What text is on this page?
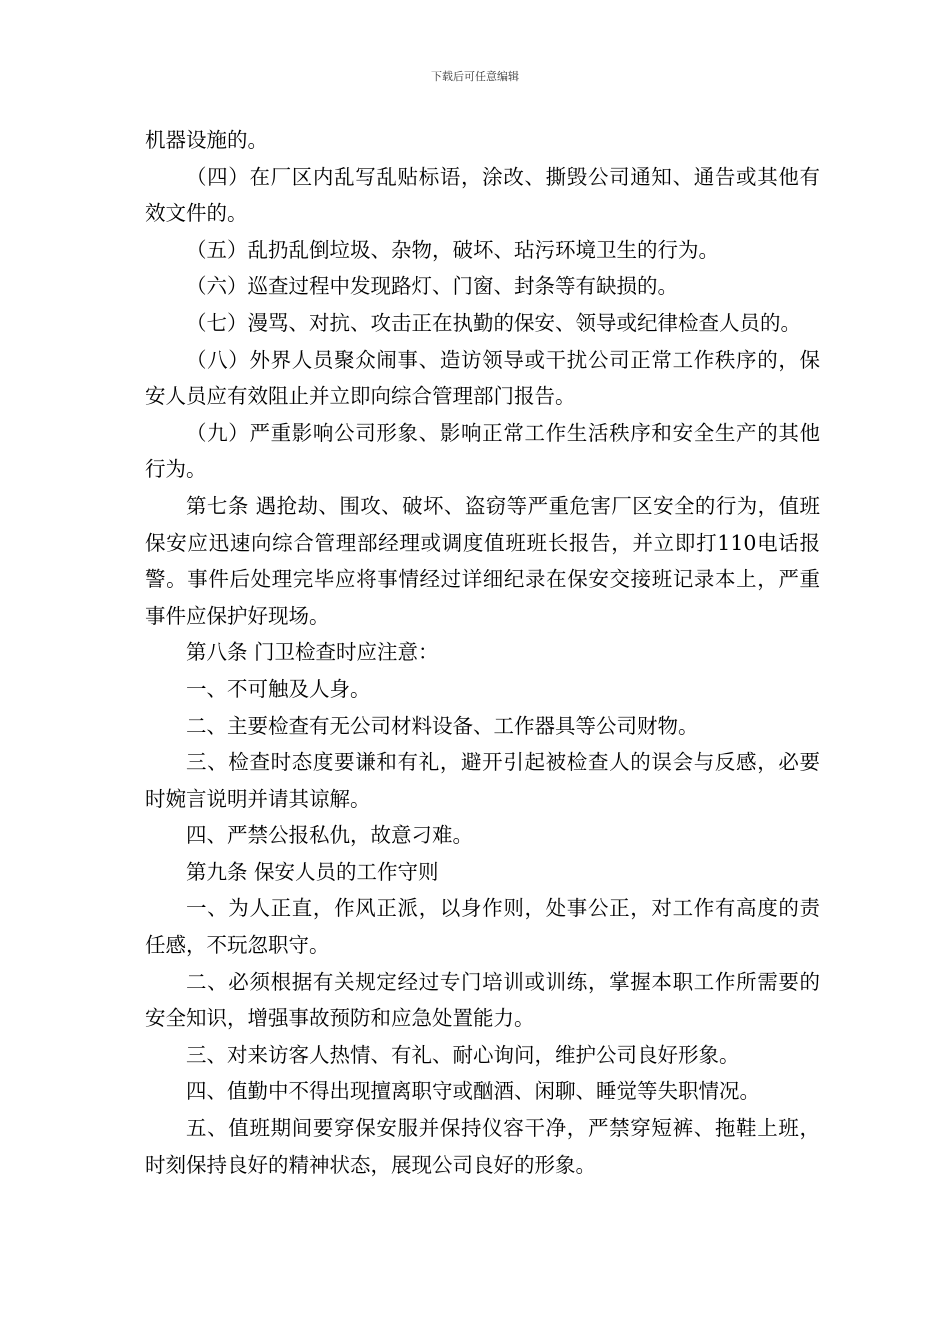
下载后可任意编辑

机器设施的。

（四）在厂区内乱写乱贴标语，涂改、撕毁公司通知、通告或其他有效文件的。

（五）乱扔乱倒垃圾、杂物，破坏、玷污环境卫生的行为。

（六）巡查过程中发现路灯、门窗、封条等有缺损的。

（七）漫骂、对抗、攻击正在执勤的保安、领导或纪律检查人员的。

（八）外界人员聚众闹事、造访领导或干扰公司正常工作秩序的，保安人员应有效阻止并立即向综合管理部门报告。

（九）严重影响公司形象、影响正常工作生活秩序和安全生产的其他行为。

第七条 遇抢劫、围攻、破坏、盗窃等严重危害厂区安全的行为，值班保安应迅速向综合管理部经理或调度值班班长报告，并立即打110电话报警。事件后处理完毕应将事情经过详细纪录在保安交接班记录本上，严重事件应保护好现场。

第八条 门卫检查时应注意：

一、不可触及人身。

二、主要检查有无公司材料设备、工作器具等公司财物。

三、检查时态度要谦和有礼，避开引起被检查人的误会与反感，必要时婉言说明并请其谅解。

四、严禁公报私仇，故意刁难。

第九条 保安人员的工作守则

一、为人正直，作风正派，以身作则，处事公正，对工作有高度的责任感，不玩忽职守。

二、必须根据有关规定经过专门培训或训练，掌握本职工作所需要的安全知识，增强事故预防和应急处置能力。

三、对来访客人热情、有礼、耐心询问，维护公司良好形象。

四、值勤中不得出现擅离职守或酗酒、闲聊、睡觉等失职情况。

五、值班期间要穿保安服并保持仪容干净，严禁穿短裤、拖鞋上班，时刻保持良好的精神状态，展现公司良好的形象。
